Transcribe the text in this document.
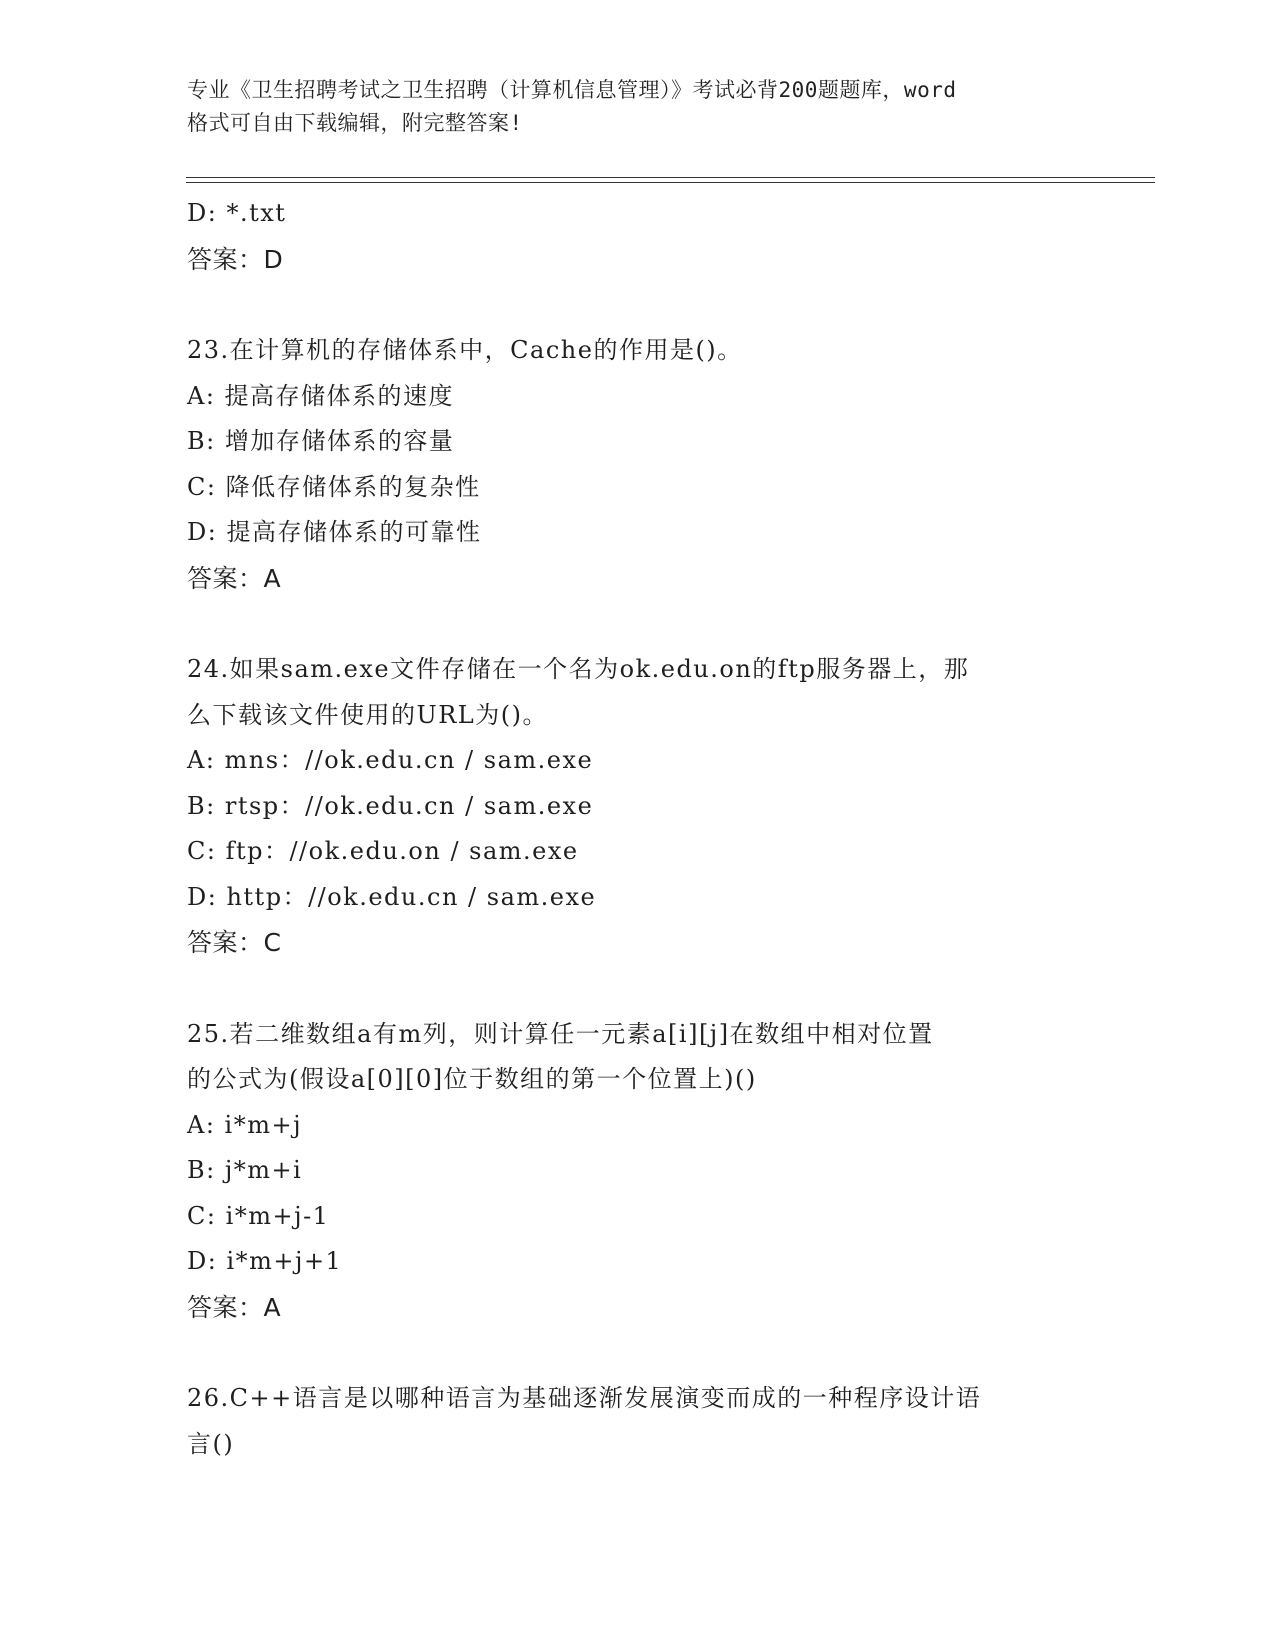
专业《卫生招聘考试之卫生招聘（计算机信息管理）》考试必背200题题库，word
格式可自由下载编辑，附完整答案!
D: *.txt
答案：D
23.在计算机的存储体系中，Cache的作用是()。
A: 提高存储体系的速度
B: 增加存储体系的容量
C: 降低存储体系的复杂性
D: 提高存储体系的可靠性
答案：A
24.如果sam.exe文件存储在一个名为ok.edu.on的ftp服务器上，那
么下载该文件使用的URL为()。
A: mns：//ok.edu.cn / sam.exe
B: rtsp：//ok.edu.cn / sam.exe
C: ftp：//ok.edu.on / sam.exe
D: http：//ok.edu.cn / sam.exe
答案：C
25.若二维数组a有m列，则计算任一元素a[i][j]在数组中相对位置
的公式为(假设a[0][0]位于数组的第一个位置上)()
A: i*m+j
B: j*m+i
C: i*m+j-1
D: i*m+j+1
答案：A
26.C++语言是以哪种语言为基础逐渐发展演变而成的一种程序设计语
言()
